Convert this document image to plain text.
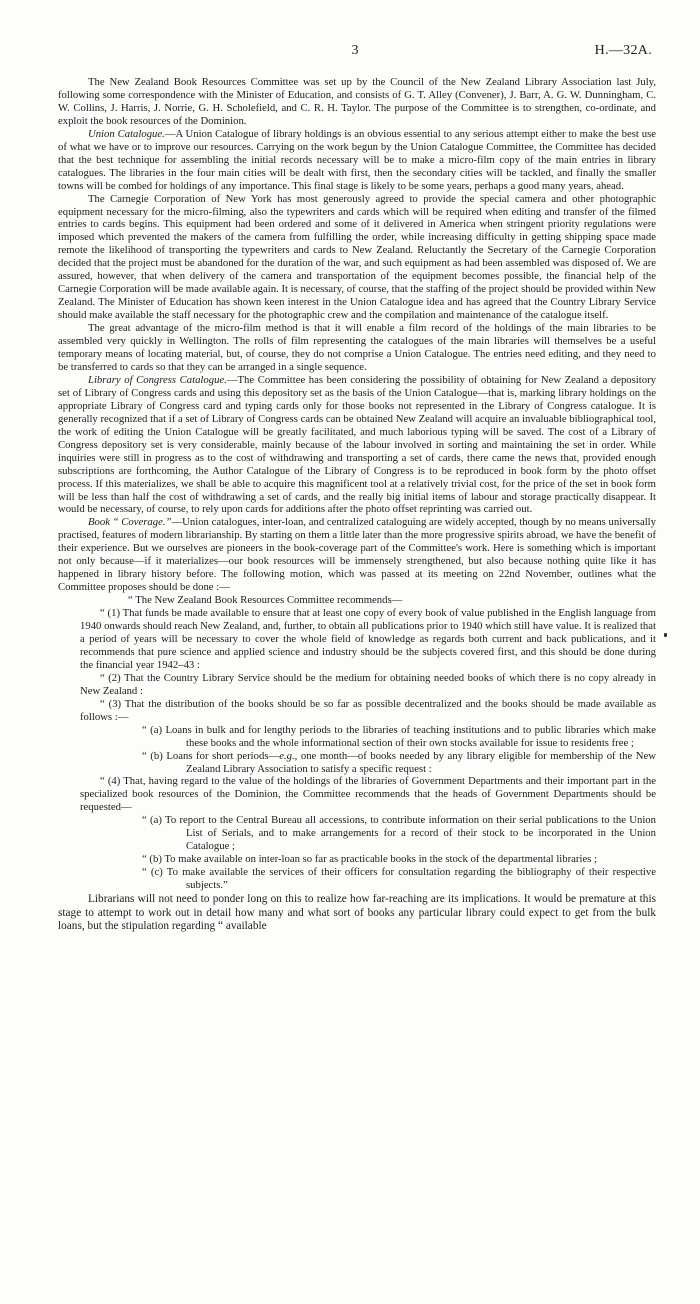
3	H.—32A.

The New Zealand Book Resources Committee was set up by the Council of the New Zealand Library Association last July, following some correspondence with the Minister of Education, and consists of G. T. Alley (Convener), J. Barr, A. G. W. Dunningham, C. W. Collins, J. Harris, J. Norrie, G. H. Scholefield, and C. R. H. Taylor. The purpose of the Committee is to strengthen, co-ordinate, and exploit the book resources of the Dominion.

Union Catalogue.—A Union Catalogue of library holdings is an obvious essential to any serious attempt either to make the best use of what we have or to improve our resources. Carrying on the work begun by the Union Catalogue Committee, the Committee has decided that the best technique for assembling the initial records necessary will be to make a micro-film copy of the main entries in library catalogues. The libraries in the four main cities will be dealt with first, then the secondary cities will be tackled, and finally the smaller towns will be combed for holdings of any importance. This final stage is likely to be some years, perhaps a good many years, ahead.

The Carnegie Corporation of New York has most generously agreed to provide the special camera and other photographic equipment necessary for the micro-filming, also the typewriters and cards which will be required when editing and transfer of the filmed entries to cards begins. This equipment had been ordered and some of it delivered in America when stringent priority regulations were imposed which prevented the makers of the camera from fulfilling the order, while increasing difficulty in getting shipping space made remote the likelihood of transporting the typewriters and cards to New Zealand. Reluctantly the Secretary of the Carnegie Corporation decided that the project must be abandoned for the duration of the war, and such equipment as had been assembled was disposed of. We are assured, however, that when delivery of the camera and transportation of the equipment becomes possible, the financial help of the Carnegie Corporation will be made available again. It is necessary, of course, that the staffing of the project should be provided within New Zealand. The Minister of Education has shown keen interest in the Union Catalogue idea and has agreed that the Country Library Service should make available the staff necessary for the photographic crew and the compilation and maintenance of the catalogue itself.

The great advantage of the micro-film method is that it will enable a film record of the holdings of the main libraries to be assembled very quickly in Wellington. The rolls of film representing the catalogues of the main libraries will themselves be a useful temporary means of locating material, but, of course, they do not comprise a Union Catalogue. The entries need editing, and they need to be transferred to cards so that they can be arranged in a single sequence.

Library of Congress Catalogue.—The Committee has been considering the possibility of obtaining for New Zealand a depository set of Library of Congress cards and using this depository set as the basis of the Union Catalogue—that is, marking library holdings on the appropriate Library of Congress card and typing cards only for those books not represented in the Library of Congress catalogue. It is generally recognized that if a set of Library of Congress cards can be obtained New Zealand will acquire an invaluable bibliographical tool, the work of editing the Union Catalogue will be greatly facilitated, and much laborious typing will be saved. The cost of a Library of Congress depository set is very considerable, mainly because of the labour involved in sorting and maintaining the set in order. While inquiries were still in progress as to the cost of withdrawing and transporting a set of cards, there came the news that, provided enough subscriptions are forthcoming, the Author Catalogue of the Library of Congress is to be reproduced in book form by the photo offset process. If this materializes, we shall be able to acquire this magnificent tool at a relatively trivial cost, for the price of the set in book form will be less than half the cost of withdrawing a set of cards, and the really big initial items of labour and storage practically disappear. It would be necessary, of course, to rely upon cards for additions after the photo offset reprinting was carried out.

Book “ Coverage.”—Union catalogues, inter-loan, and centralized cataloguing are widely accepted, though by no means universally practised, features of modern librarianship. By starting on them a little later than the more progressive spirits abroad, we have the benefit of their experience. But we ourselves are pioneers in the book-coverage part of the Committee's work. Here is something which is important not only because—if it materializes—our book resources will be immensely strengthened, but also because nothing quite like it has happened in library history before. The following motion, which was passed at its meeting on 22nd November, outlines what the Committee proposes should be done :—

“ The New Zealand Book Resources Committee recommends—

“ (1) That funds be made available to ensure that at least one copy of every book of value published in the English language from 1940 onwards should reach New Zealand, and, further, to obtain all publications prior to 1940 which still have value. It is realized that a period of years will be necessary to cover the whole field of knowledge as regards both current and back publications, and it recommends that pure science and applied science and industry should be the subjects covered first, and this should be done during the financial year 1942–43 :

“ (2) That the Country Library Service should be the medium for obtaining needed books of which there is no copy already in New Zealand :

“ (3) That the distribution of the books should be so far as possible decentralized and the books should be made available as follows :—

“ (a) Loans in bulk and for lengthy periods to the libraries of teaching institutions and to public libraries which make these books and the whole informational section of their own stocks available for issue to residents free ;

“ (b) Loans for short periods—e.g., one month—of books needed by any library eligible for membership of the New Zealand Library Association to satisfy a specific request :

“ (4) That, having regard to the value of the holdings of the libraries of Government Departments and their important part in the specialized book resources of the Dominion, the Committee recommends that the heads of Government Departments should be requested—

“ (a) To report to the Central Bureau all accessions, to contribute information on their serial publications to the Union List of Serials, and to make arrangements for a record of their stock to be incorporated in the Union Catalogue ;

“ (b) To make available on inter-loan so far as practicable books in the stock of the departmental libraries ;

“ (c) To make available the services of their officers for consultation regarding the bibliography of their respective subjects.”

Librarians will not need to ponder long on this to realize how far-reaching are its implications. It would be premature at this stage to attempt to work out in detail how many and what sort of books any particular library could expect to get from the bulk loans, but the stipulation regarding “ available
